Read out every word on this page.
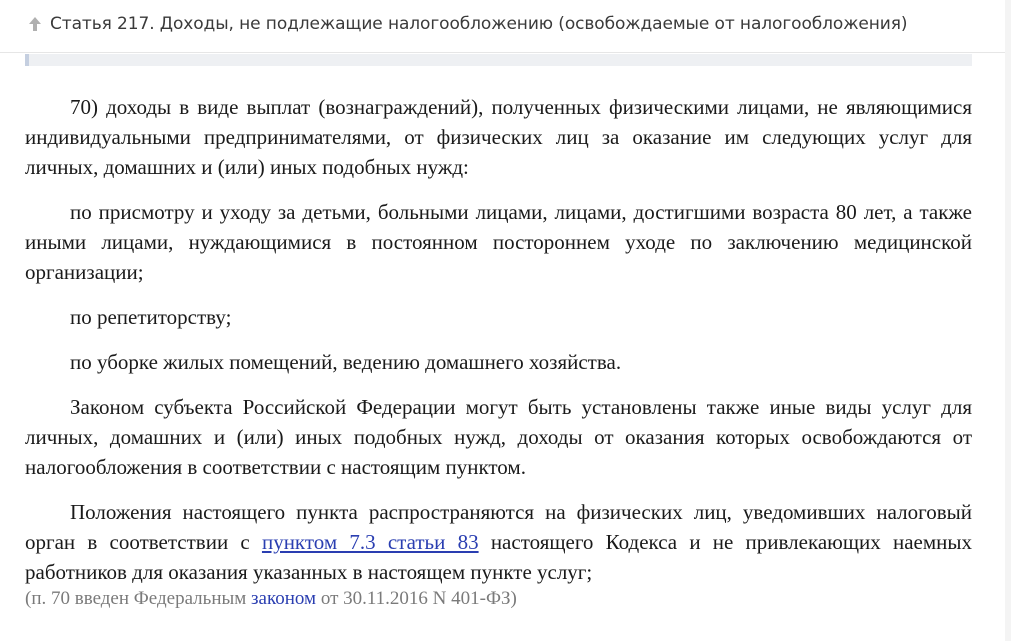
Статья 217. Доходы, не подлежащие налогообложению (освобождаемые от налогообложения)

70) доходы в виде выплат (вознаграждений), полученных физическими лицами, не являющимися индивидуальными предпринимателями, от физических лиц за оказание им следующих услуг для личных, домашних и (или) иных подобных нужд:

по присмотру и уходу за детьми, больными лицами, лицами, достигшими возраста 80 лет, а также иными лицами, нуждающимися в постоянном постороннем уходе по заключению медицинской организации;

по репетиторству;

по уборке жилых помещений, ведению домашнего хозяйства.

Законом субъекта Российской Федерации могут быть установлены также иные виды услуг для личных, домашних и (или) иных подобных нужд, доходы от оказания которых освобождаются от налогообложения в соответствии с настоящим пунктом.

Положения настоящего пункта распространяются на физических лиц, уведомивших налоговый орган в соответствии с пунктом 7.3 статьи 83 настоящего Кодекса и не привлекающих наемных работников для оказания указанных в настоящем пункте услуг;

(п. 70 введен Федеральным законом от 30.11.2016 N 401-ФЗ)
